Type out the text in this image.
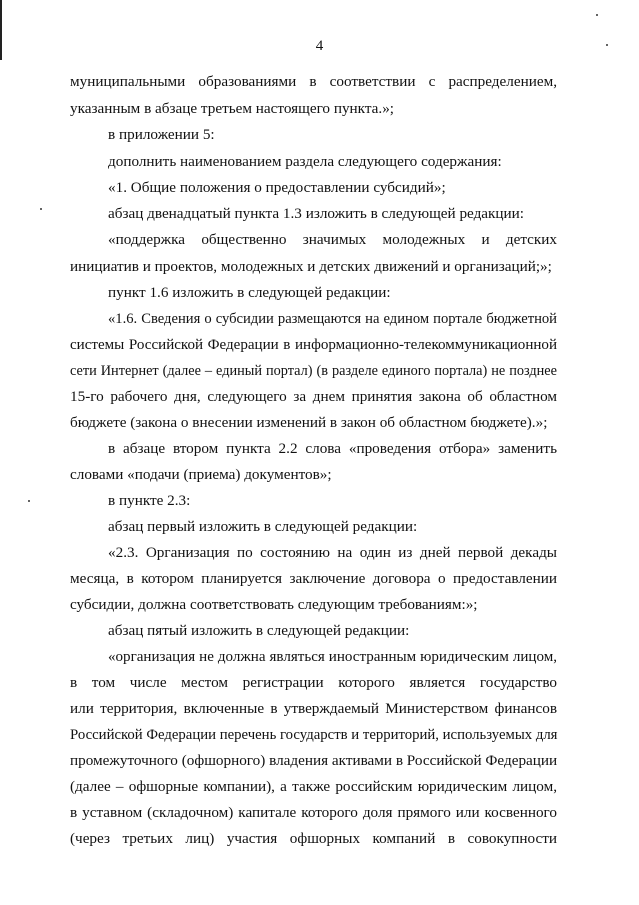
4
муниципальными образованиями в соответствии с распределением,
указанным в абзаце третьем настоящего пункта.»;
в приложении 5:
дополнить наименованием раздела следующего содержания:
«1. Общие положения о предоставлении субсидий»;
абзац двенадцатый пункта 1.3 изложить в следующей редакции:
«поддержка общественно значимых молодежных и детских
инициатив и проектов, молодежных и детских движений и организаций;»;
пункт 1.6 изложить в следующей редакции:
«1.6. Сведения о субсидии размещаются на едином портале бюджетной
системы Российской Федерации в информационно-телекоммуникационной
сети Интернет (далее – единый портал) (в разделе единого портала) не позднее
15-го рабочего дня, следующего за днем принятия закона об областном
бюджете (закона о внесении изменений в закон об областном бюджете).»;
в абзаце втором пункта 2.2 слова «проведения отбора» заменить
словами «подачи (приема) документов»;
в пункте 2.3:
абзац первый изложить в следующей редакции:
«2.3. Организация по состоянию на один из дней первой декады
месяца, в котором планируется заключение договора о предоставлении
субсидии, должна соответствовать следующим требованиям:»;
абзац пятый изложить в следующей редакции:
«организация не должна являться иностранным юридическим лицом,
в том числе местом регистрации которого является государство
или территория, включенные в утверждаемый Министерством финансов
Российской Федерации перечень государств и территорий, используемых для
промежуточного (офшорного) владения активами в Российской Федерации
(далее – офшорные компании), а также российским юридическим лицом,
в уставном (складочном) капитале которого доля прямого или косвенного
(через третьих лиц) участия офшорных компаний в совокупности
